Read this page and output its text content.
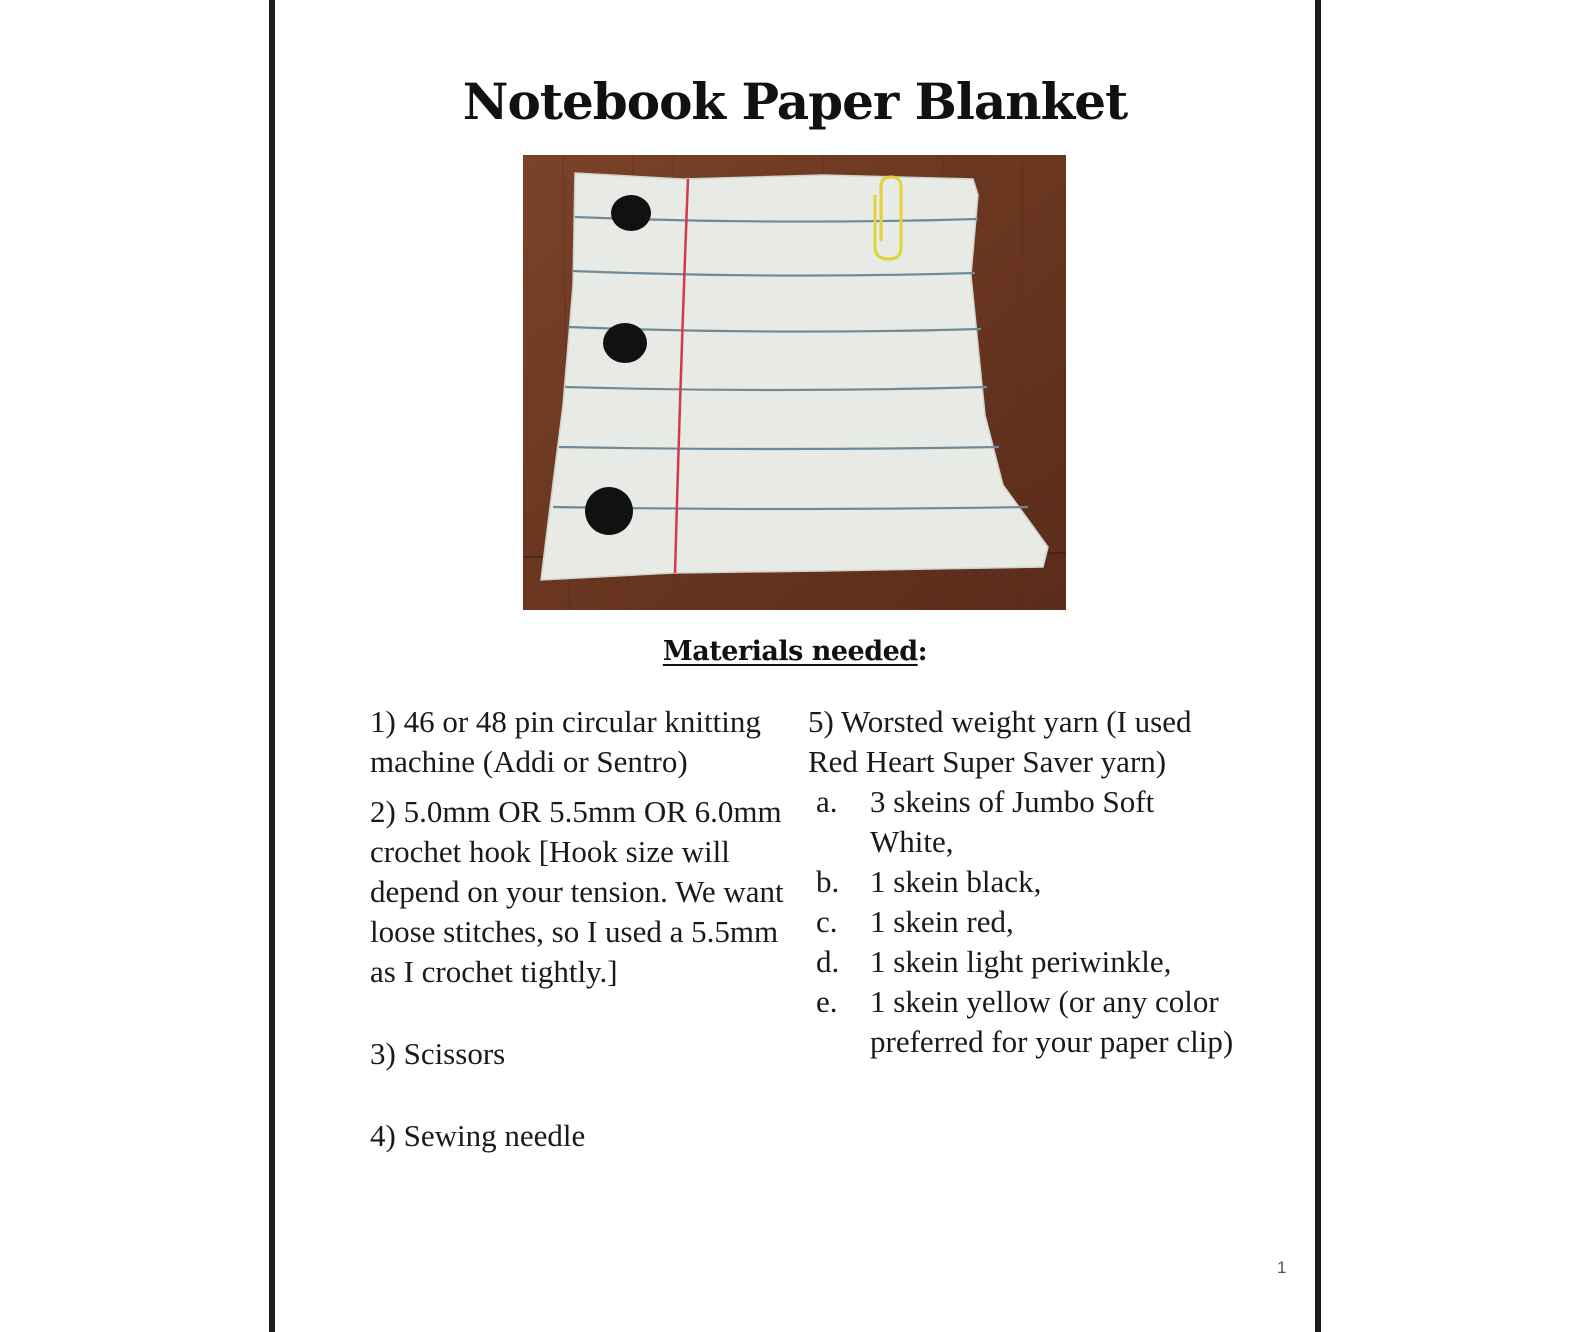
Notebook Paper Blanket
Materials needed:

1) 46 or 48 pin circular knitting machine (Addi or Sentro)

2) 5.0mm OR 5.5mm OR 6.0mm crochet hook [Hook size will depend on your tension. We want loose stitches, so I used a 5.5mm as I crochet tightly.]

3) Scissors

4) Sewing needle

5) Worsted weight yarn (I used Red Heart Super Saver yarn)

a.	3 skeins of Jumbo Soft White,
b. 1 skein black,
c.	1 skein red,
d. 1 skein light periwinkle,
e.	1 skein yellow (or any color preferred for your paper clip)
1
